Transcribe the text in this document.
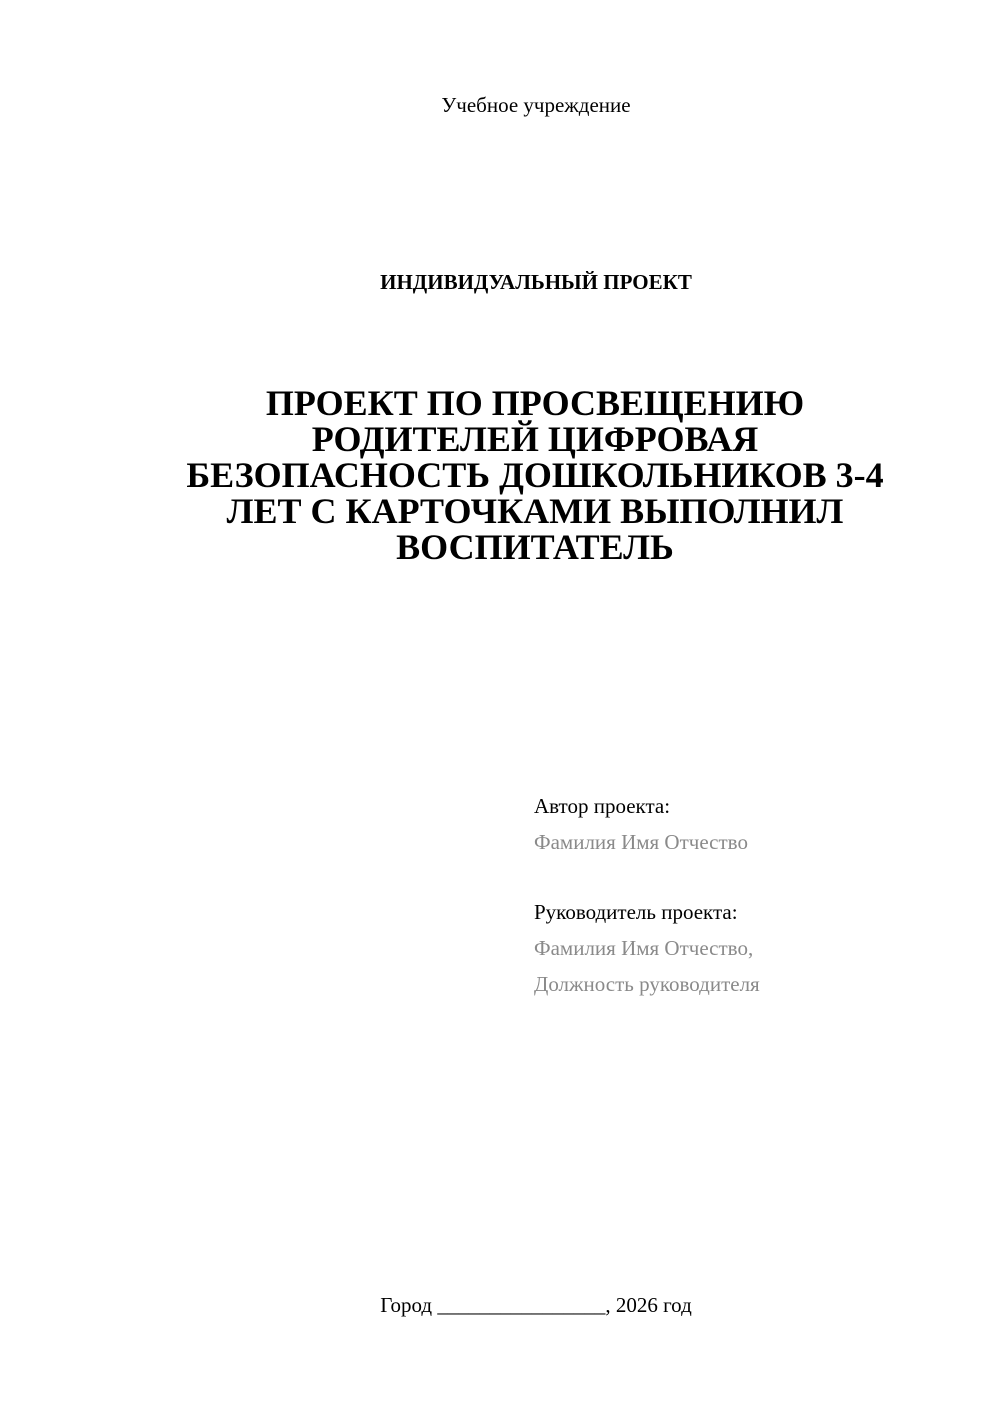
Учебное учреждение
ИНДИВИДУАЛЬНЫЙ ПРОЕКТ
ПРОЕКТ ПО ПРОСВЕЩЕНИЮ
РОДИТЕЛЕЙ ЦИФРОВАЯ
БЕЗОПАСНОСТЬ ДОШКОЛЬНИКОВ 3-4
ЛЕТ С КАРТОЧКАМИ ВЫПОЛНИЛ
ВОСПИТАТЕЛЬ
Автор проекта:
Фамилия Имя Отчество
Руководитель проекта:
Фамилия Имя Отчество,
Должность руководителя
Город ________________, 2026 год
